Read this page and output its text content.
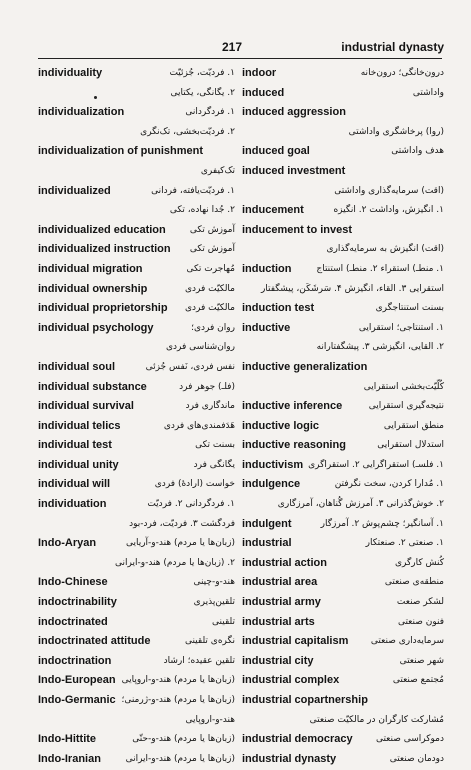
217	industrial dynasty
individuality	۱. فردیّت، جُزئیّت
۲. یگانگی، یکتایی
individualization	۱. فردگردانی
۲. فردیّت‌بخشی، تک‌نگری
individualization of punishment
تک‌کیفری
individualized	۱. فردیّت‌یافته، فردانی
۲. جُدا نهاده، تکی
individualized education	آموزش تکی
individualized instruction آموزش تکی
individual migration	مُهاجرت تکی
individual ownership	مالکیّت فردی
individual proprietorship مالکیّت فردی
individual psychology	روان فردی؛
روان‌شناسی فردی
individual soul	نفس فردی، نَفس جُزئی
individual substance	(فلـ) جوهر فرد
individual survival	ماندگاری فرد
individual telics	هَدَفمندی‌های فردی
individual test	بسنت تکی
individual unity	یگانگی فرد
individual will	خواست (ارادهٔ) فردی
individuation	۱. فردگردانی ۲. فردیّت
فردگشت ۳. فردیّت، فرد-بود
Indo-Aryan	(زبان‌ها یا مردم) هند-و-آریایی
۲. (زبان‌ها یا مردم) هند-و-ایرانی
Indo-Chinese	هند-و-چینی
indoctrinability	تلقین‌پذیری
indoctrinated	تلقینی
indoctrinated attitude	نگره‌ی تلقینی
indoctrination	تلقین عقیده؛ ارشاد
Indo-European (زبان‌ها یا مردم) هند-و-اروپایی
Indo-Germanic (زبان‌ها یا مردم) هند-و-ژرمنی؛
هند-و-اروپایی
Indo-Hittite	(زبان‌ها یا مردم) هند-و-حتّی
Indo-Iranian	(زبان‌ها یا مردم) هند-و-ایرانی
indoor	درون‌خانگی؛ درون‌خانه
induced	واداشتی
induced aggression
(روا) پرخاشگری واداشتی
induced goal	هدف واداشتی
induced investment
(اقت) سرمایه‌گذاری واداشتی
inducement	۱. انگیزش، واداشت ۲. انگیزه
inducement to invest
(اقت) انگیزش به سرمایه‌گذاری
induction	۱. منطـ) استقراء ۲. منطـ) استنتاج
استقرایی ۳. القاء، انگیزش ۴. سَرشَکَن، پیشگفتار
induction test	بسنت استنتاجگری
inductive	۱. استنتاجی؛ استقرایی
۲. القایی، انگیزشی ۳. پیشگفتارانه
inductive generalization
کُلّیّت‌بخشی استقرایی
inductive inference	نتیجه‌گیری استقرایی
inductive logic	منطق استقرایی
inductive reasoning	استدلال استقرایی
inductivism ۱. فلسـ) استقراگرایی ۲. استقراگری
indulgence	۱. مُدارا کردن، سخت نگرفتن
۲. خوش‌گذرانی ۳. آمرزش گُناهان، آمرزگاری
indulgent	۱. آسانگیر؛ چشم‌پوش ۲. آمرزگار
industrial	۱. صنعتی ۲. صنعتکار
industrial action	کُنش کارگری
industrial area	منطقه‌ی صنعتی
industrial army	لشکر صنعت
industrial arts	فنون صنعتی
industrial capitalism	سرمایه‌داری صنعتی
industrial city	شهر صنعتی
industrial complex	مُجتمع صنعتی
industrial copartnership
مُشارکت کارگران در مالکیّت صنعتی
industrial democracy	دموکراسی صنعتی
industrial dynasty	دودمان صنعتی
